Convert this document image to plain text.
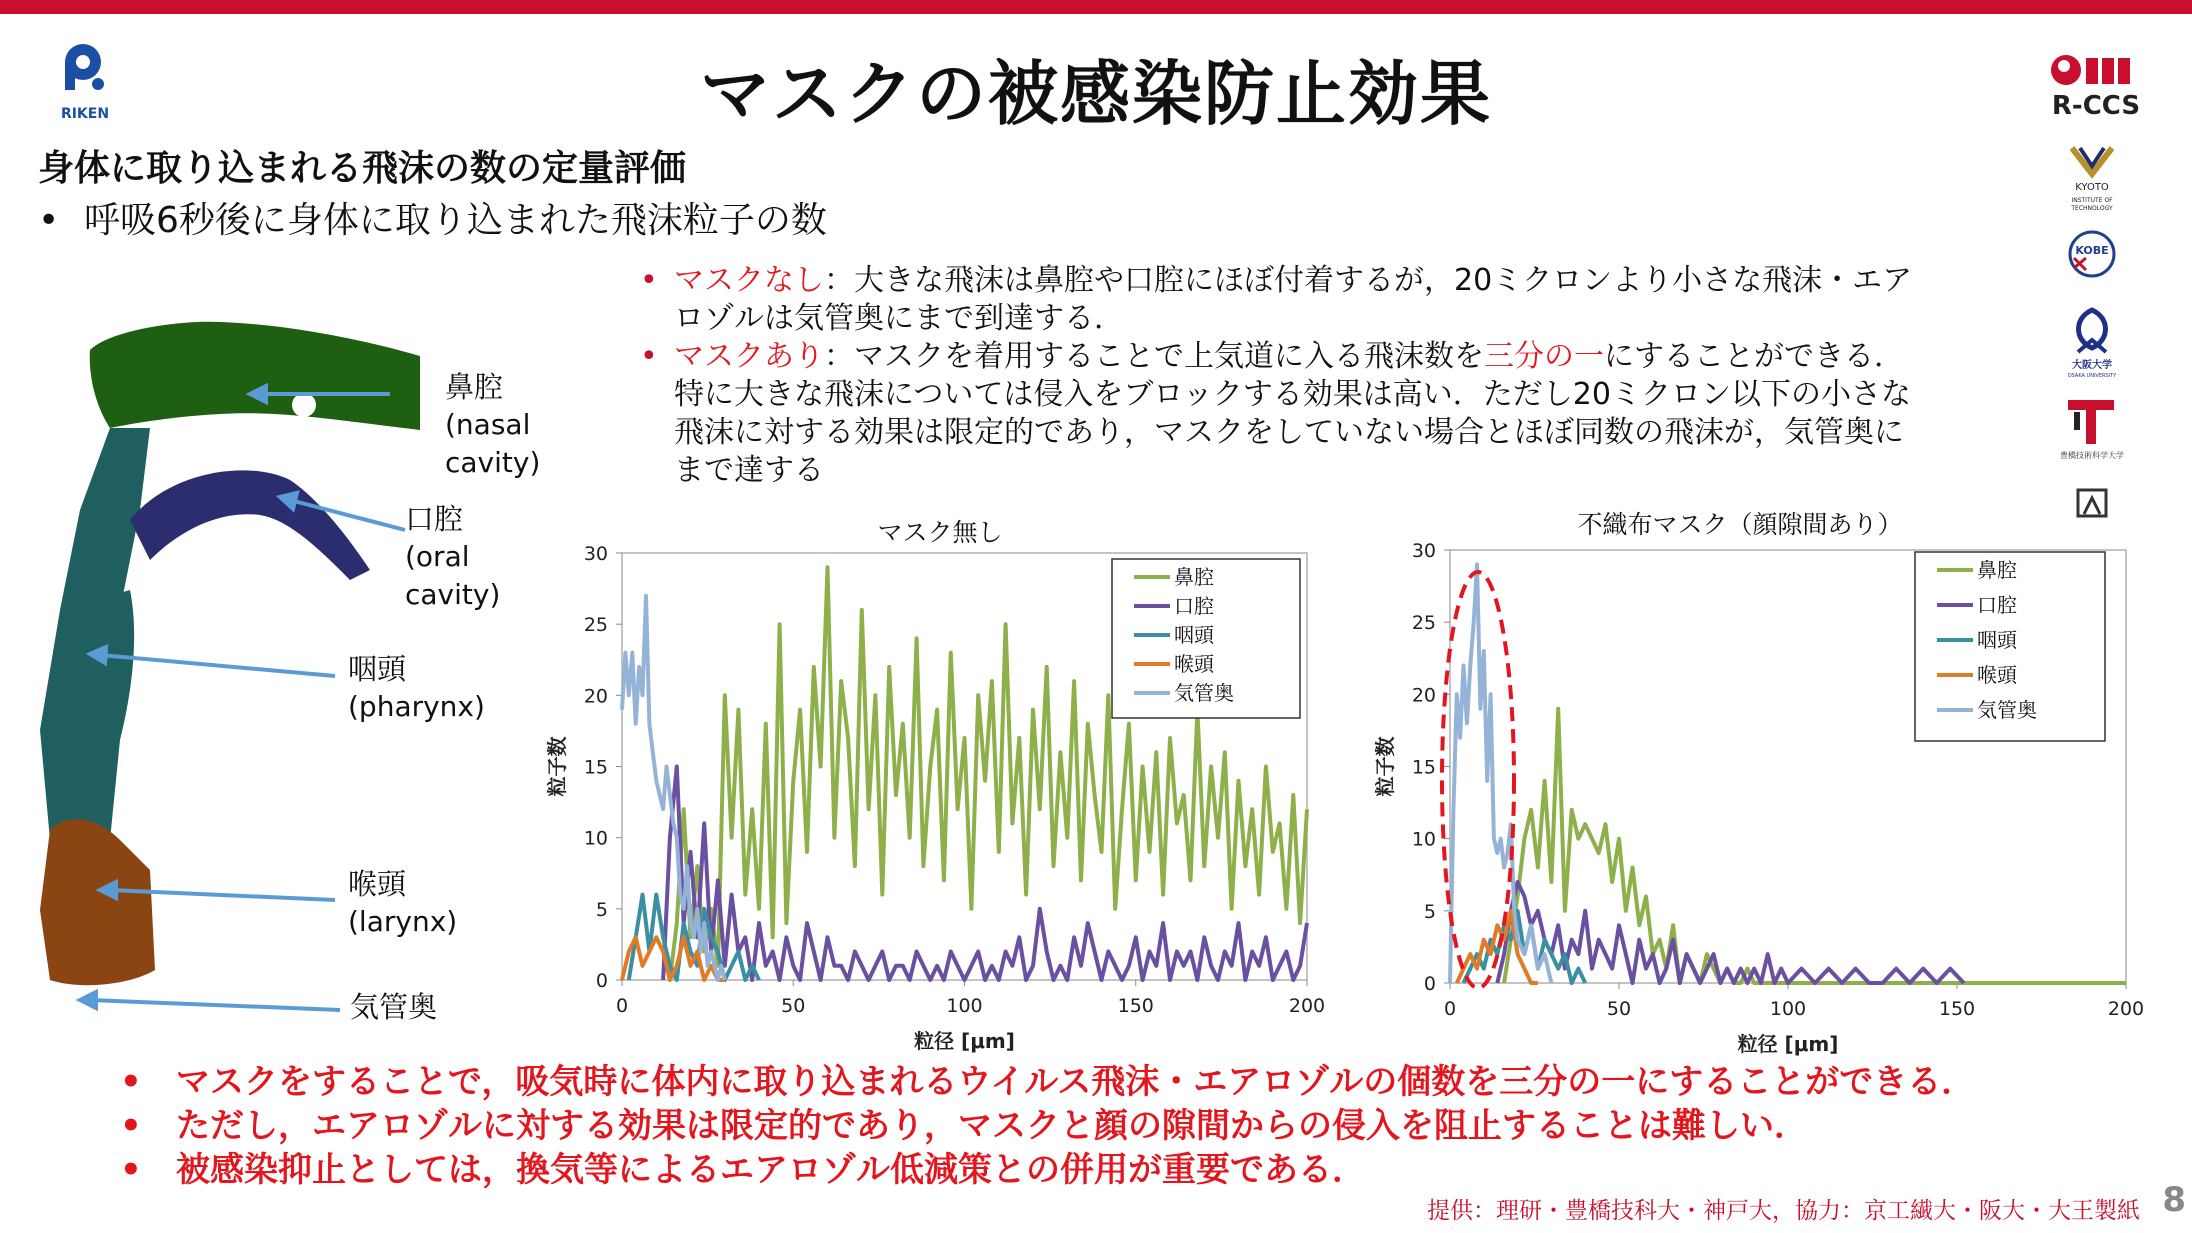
RIKEN	マスクの被感染防止効果	R-CCS
KYOTO
INSTITUTE OF
TECHNOLOGY
KOBE
大阪大学
OSAKA UNIVERSITY
豊橋技術科学大学
身体に取り込まれる飛沫の数の定量評価
• 呼吸6秒後に身体に取り込まれた飛沫粒子の数
• マスクなし：大きな飛沫は鼻腔や口腔にほぼ付着するが，20ミクロンより小さな飛沫・エア
ロゾルは気管奥にまで到達する．
• マスクあり：マスクを着用することで上気道に入る飛沫数を三分の一にすることができる．
特に大きな飛沫については侵入をブロックする効果は高い．ただし20ミクロン以下の小さな
飛沫に対する効果は限定的であり，マスクをしていない場合とほぼ同数の飛沫が，気管奥に
まで達する
鼻腔
(nasal cavity)
口腔
(oral cavity)
咽頭
(pharynx)
喉頭
(larynx)
気管奥
マスク無し
0
5
10
15
20
25
30
0	50	100	150	200
粒径 [μm]
粒子数
鼻腔
口腔
咽頭
喉頭
気管奥
不織布マスク（顔隙間あり）
0
5
10
15
20
25
30
0	50	100	150	200
粒径 [μm]
粒子数
鼻腔
口腔
咽頭
喉頭
気管奥
• マスクをすることで，吸気時に体内に取り込まれるウイルス飛沫・エアロゾルの個数を三分の一にすることができる．
• ただし，エアロゾルに対する効果は限定的であり，マスクと顔の隙間からの侵入を阻止することは難しい．
• 被感染抑止としては，換気等によるエアロゾル低減策との併用が重要である．
提供：理研・豊橋技科大・神戸大，協力：京工繊大・阪大・大王製紙 8
